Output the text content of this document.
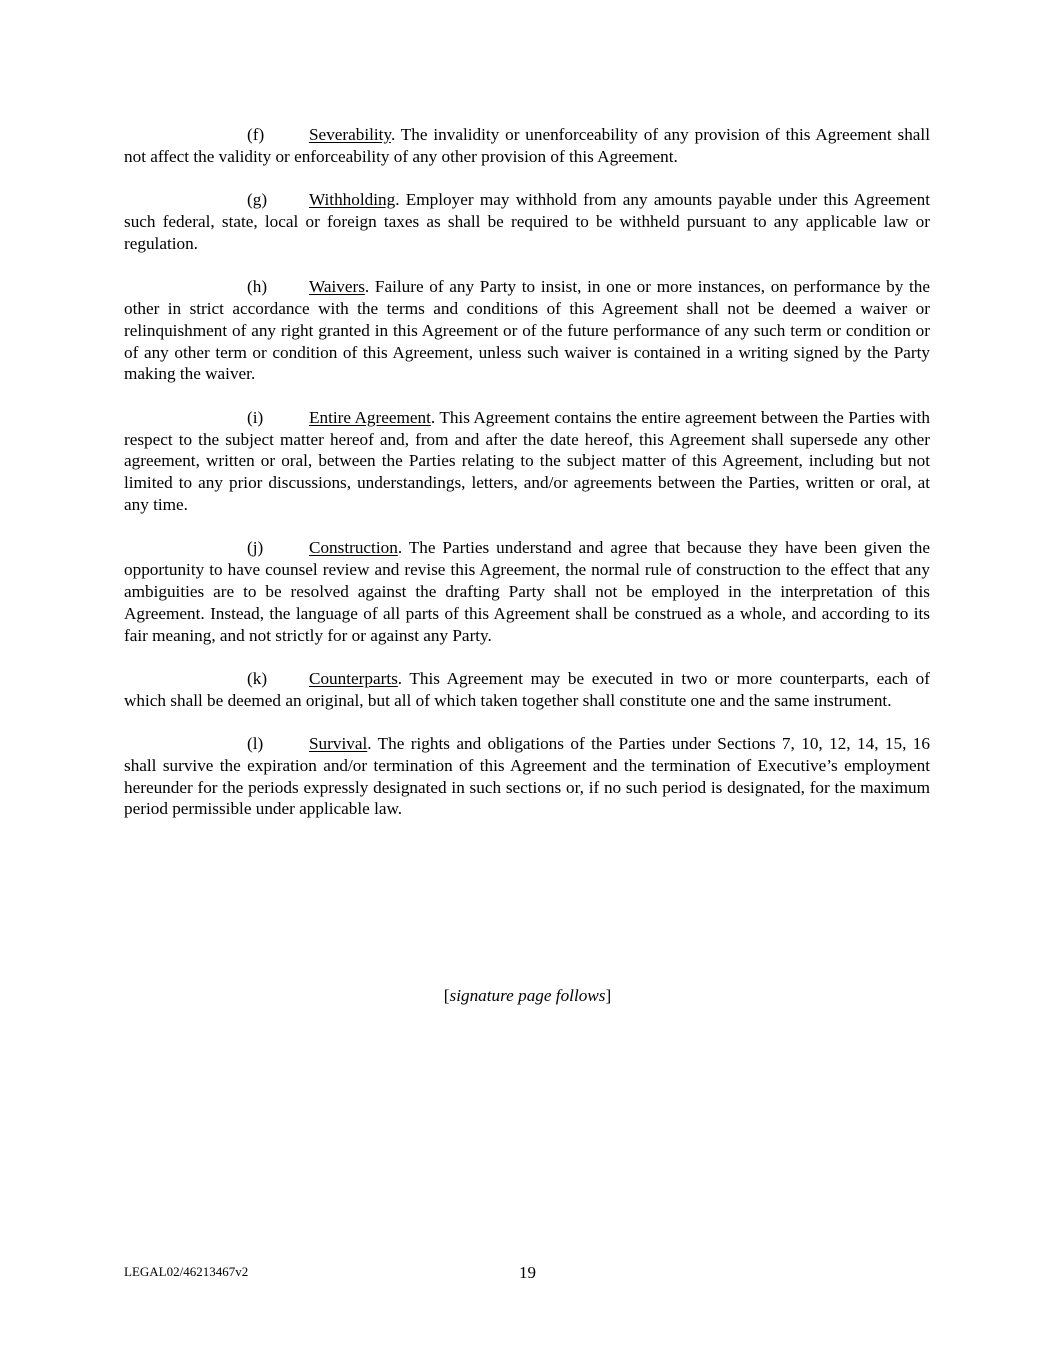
(f)	Severability. The invalidity or unenforceability of any provision of this Agreement shall not affect the validity or enforceability of any other provision of this Agreement.

(g) Withholding. Employer may withhold from any amounts payable under this Agreement such federal, state, local or foreign taxes as shall be required to be withheld pursuant to any applicable law or regulation.

(h) Waivers. Failure of any Party to insist, in one or more instances, on performance by the other in strict accordance with the terms and conditions of this Agreement shall not be deemed a waiver or relinquishment of any right granted in this Agreement or of the future performance of any such term or condition or of any other term or condition of this Agreement, unless such waiver is contained in a writing signed by the Party making the waiver.

(i)	Entire Agreement. This Agreement contains the entire agreement between the Parties with respect to the subject matter hereof and, from and after the date hereof, this Agreement shall supersede any other agreement, written or oral, between the Parties relating to the subject matter of this Agreement, including but not limited to any prior discussions, understandings, letters, and/or agreements between the Parties, written or oral, at any time.

(j)	Construction. The Parties understand and agree that because they have been given the opportunity to have counsel review and revise this Agreement, the normal rule of construction to the effect that any ambiguities are to be resolved against the drafting Party shall not be employed in the interpretation of this Agreement. Instead, the language of all parts of this Agreement shall be construed as a whole, and according to its fair meaning, and not strictly for or against any Party.

(k) Counterparts. This Agreement may be executed in two or more counterparts, each of which shall be deemed an original, but all of which taken together shall constitute one and the same instrument.

(l)	Survival. The rights and obligations of the Parties under Sections 7, 10, 12, 14, 15, 16 shall survive the expiration and/or termination of this Agreement and the termination of Executive’s employment hereunder for the periods expressly designated in such sections or, if no such period is designated, for the maximum period permissible under applicable law.

[signature page follows]
LEGAL02/46213467v2	19
